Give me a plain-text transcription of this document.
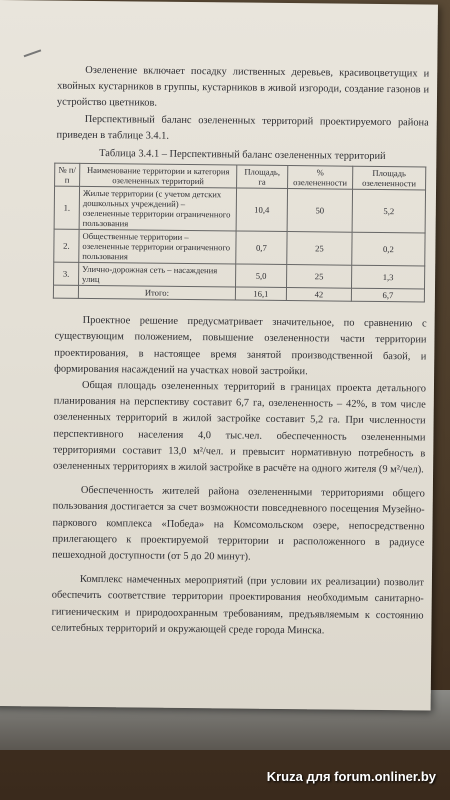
Озеленение включает посадку лиственных деревьев, красивоцветущих и хвойных кустарников в группы, кустарников в живой изгороди, создание газонов и устройство цветников.

Перспективный баланс озелененных территорий проектируемого района приведен в таблице 3.4.1.

Таблица 3.4.1 – Перспективный баланс озелененных территорий

№ п/п	Наименование территории и категория озелененных территорий	Площадь, га	% озелененности	Площадь озелененности
1.	Жилые территории (с учетом детских дошкольных учреждений) – озелененные территории ограниченного пользования	10,4	50	5,2
2.	Общественные территории – озелененные территории ограниченного пользования	0,7	25	0,2
3.	Улично-дорожная сеть – насаждения улиц	5,0	25	1,3
	Итого:	16,1	42	6,7

Проектное решение предусматривает значительное, по сравнению с существующим положением, повышение озелененности части территории проектирования, в настоящее время занятой производственной базой, и формирования насаждений на участках новой застройки.

Общая площадь озелененных территорий в границах проекта детального планирования на перспективу составит 6,7 га, озелененность – 42%, в том числе озелененных территорий в жилой застройке составит 5,2 га. При численности перспективного населения 4,0 тыс.чел. обеспеченность озелененными территориями составит 13,0 м²/чел. и превысит нормативную потребность в озелененных территориях в жилой застройке в расчёте на одного жителя (9 м²/чел).

Обеспеченность жителей района озелененными территориями общего пользования достигается за счет возможности повседневного посещения Музейно-паркового комплекса «Победа» на Комсомольском озере, непосредственно прилегающего к проектируемой территории и расположенного в радиусе пешеходной доступности (от 5 до 20 минут).

Комплекс намеченных мероприятий (при условии их реализации) позволит обеспечить соответствие территории проектирования необходимым санитарно-гигиеническим и природоохранным требованиям, предъявляемым к состоянию селитебных территорий и окружающей среде города Минска.

Kruza для forum.onliner.by
